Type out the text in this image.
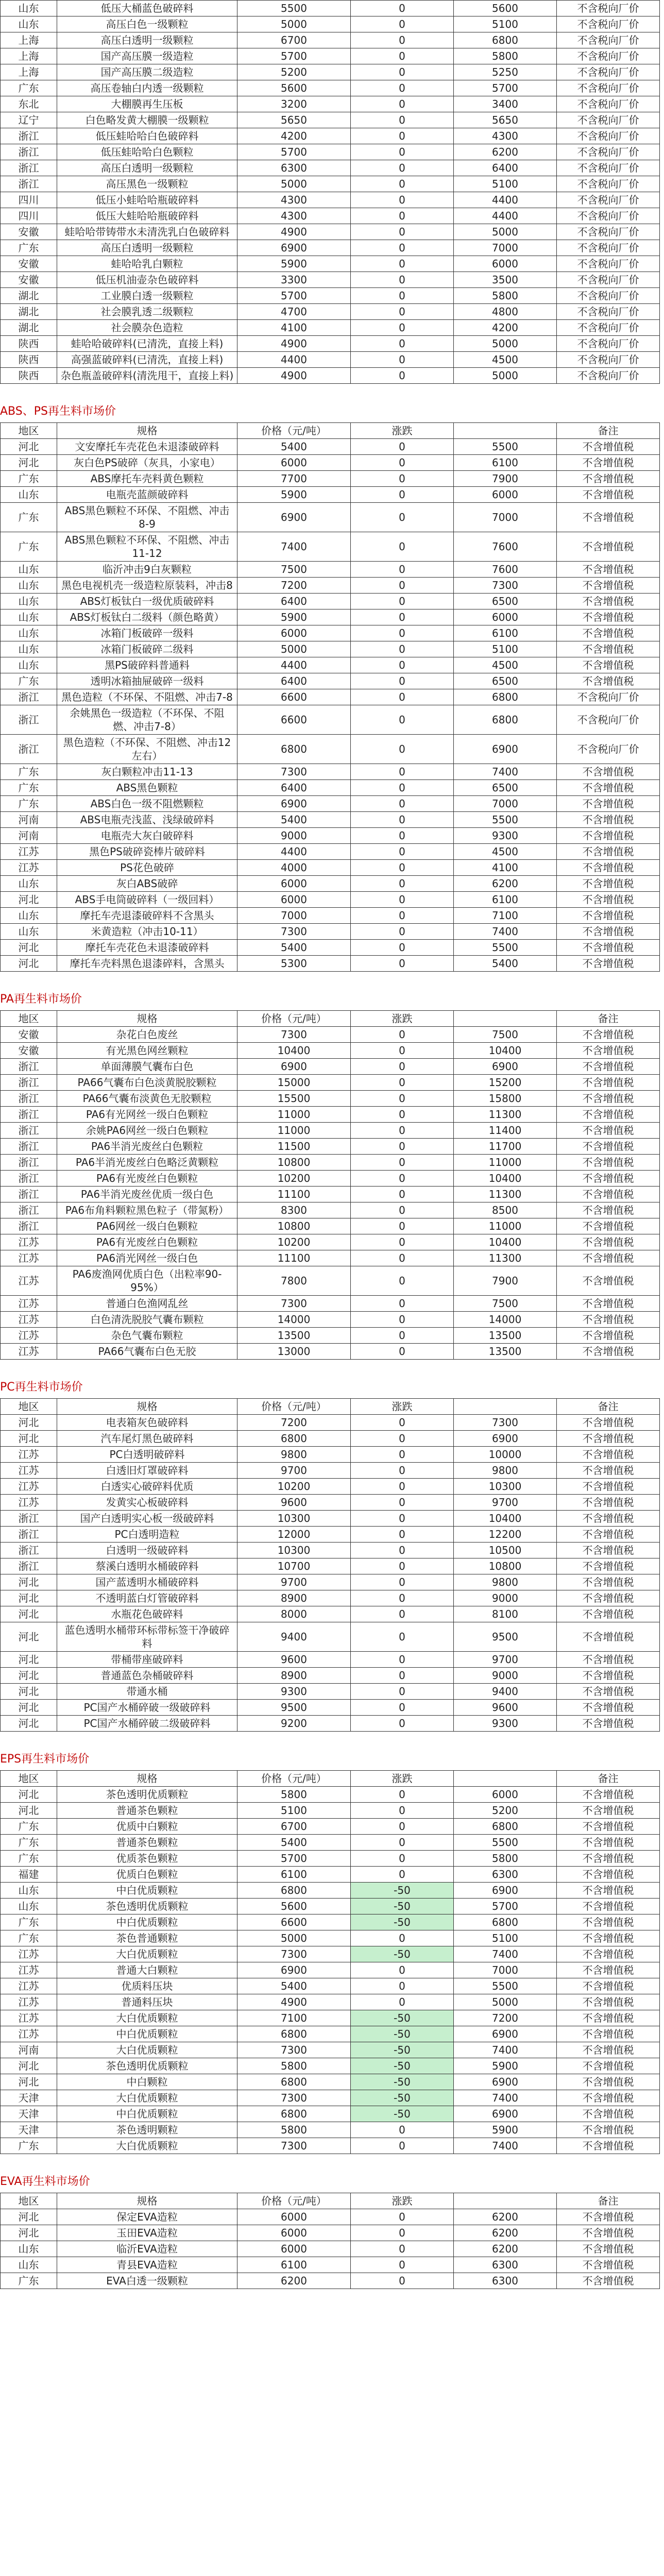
山东	低压大桶蓝色破碎料	5500	0	5600	不含税向厂价
山东	高压白色一级颗粒	5000	0	5100	不含税向厂价
上海	高压白透明一级颗粒	6700	0	6800	不含税向厂价
上海	国产高压膜一级造粒	5700	0	5800	不含税向厂价
上海	国产高压膜二级造粒	5200	0	5250	不含税向厂价
广东	高压卷轴白内透一级颗粒	5600	0	5700	不含税向厂价
东北	大棚膜再生压板	3200	0	3400	不含税向厂价
辽宁	白色略发黄大棚膜一级颗粒	5650	0	5650	不含税向厂价
浙江	低压蛙哈哈白色破碎料	4200	0	4300	不含税向厂价
浙江	低压蛙哈哈白色颗粒	5700	0	6200	不含税向厂价
浙江	高压白透明一级颗粒	6300	0	6400	不含税向厂价
浙江	高压黑色一级颗粒	5000	0	5100	不含税向厂价
四川	低压小蛙哈哈瓶破碎料	4300	0	4400	不含税向厂价
四川	低压大蛙哈哈瓶破碎料	4300	0	4400	不含税向厂价
安徽	蛙哈哈带铸带水未清洗乳白色破碎料	4900	0	5000	不含税向厂价
广东	高压白透明一级颗粒	6900	0	7000	不含税向厂价
安徽	蛙哈哈乳白颗粒	5900	0	6000	不含税向厂价
安徽	低压机油壶杂色破碎料	3300	0	3500	不含税向厂价
湖北	工业膜白透一级颗粒	5700	0	5800	不含税向厂价
湖北	社会膜乳透二级颗粒	4700	0	4800	不含税向厂价
湖北	社会膜杂色造粒	4100	0	4200	不含税向厂价
陕西	蛙哈哈破碎料(已清洗，直接上料)	4900	0	5000	不含税向厂价
陕西	高强蓝破碎料(已清洗，直接上料)	4400	0	4500	不含税向厂价
陕西	杂色瓶盖破碎料(清洗甩干，直接上料)	4900	0	5000	不含税向厂价
ABS、PS再生料市场价
地区	规格	价格（元/吨）	涨跌		备注
河北	文安摩托车壳花色未退漆破碎料	5400	0	5500	不含增值税
河北	灰白色PS破碎（灰具，小家电）	6000	0	6100	不含增值税
广东	ABS摩托车壳料黄色颗粒	7700	0	7900	不含增值税
山东	电瓶壳蓝颜破碎料	5900	0	6000	不含增值税
广东	ABS黑色颗粒不环保、不阻燃、冲击8-9	6900	0	7000	不含增值税
广东	ABS黑色颗粒不环保、不阻燃、冲击11-12	7400	0	7600	不含增值税
山东	临沂冲击9白灰颗粒	7500	0	7600	不含增值税
山东	黑色电视机壳一级造粒原装料，冲击8	7200	0	7300	不含增值税
山东	ABS灯板钛白一级优质破碎料	6400	0	6500	不含增值税
山东	ABS灯板钛白二级料（颜色略黄）	5900	0	6000	不含增值税
山东	冰箱门板破碎一级料	6000	0	6100	不含增值税
山东	冰箱门板破碎二级料	5000	0	5100	不含增值税
山东	黑PS破碎料普通料	4400	0	4500	不含增值税
广东	透明冰箱抽屉破碎一级料	6400	0	6500	不含增值税
浙江	黑色造粒（不环保、不阻燃、冲击7-8	6600	0	6800	不含税向厂价
浙江	余姚黑色一级造粒（不环保、不阻燃、冲击7-8）	6600	0	6800	不含税向厂价
浙江	黑色造粒（不环保、不阻燃、冲击12左右）	6800	0	6900	不含税向厂价
广东	灰白颗粒冲击11-13	7300	0	7400	不含增值税
广东	ABS黑色颗粒	6400	0	6500	不含增值税
广东	ABS白色一级不阻燃颗粒	6900	0	7000	不含增值税
河南	ABS电瓶壳浅蓝、浅绿破碎料	5400	0	5500	不含增值税
河南	电瓶壳大灰白破碎料	9000	0	9300	不含增值税
江苏	黑色PS破碎瓷棒片破碎料	4400	0	4500	不含增值税
江苏	PS花色破碎	4000	0	4100	不含增值税
山东	灰白ABS破碎	6000	0	6200	不含增值税
河北	ABS手电筒破碎料（一级回料）	6000	0	6100	不含增值税
山东	摩托车壳退漆破碎料不含黑头	7000	0	7100	不含增值税
山东	米黄造粒（冲击10-11）	7300	0	7400	不含增值税
河北	摩托车壳花色未退漆破碎料	5400	0	5500	不含增值税
河北	摩托车壳料黑色退漆碎料，含黑头	5300	0	5400	不含增值税
PA再生料市场价
地区	规格	价格（元/吨）	涨跌		备注
安徽	杂花白色废丝	7300	0	7500	不含增值税
安徽	有光黑色网丝颗粒	10400	0	10400	不含增值税
浙江	单面薄膜气囊布白色	6900	0	6900	不含增值税
浙江	PA66气囊布白色淡黄脱胶颗粒	15000	0	15200	不含增值税
浙江	PA66气囊布淡黄色无胶颗粒	15500	0	15800	不含增值税
浙江	PA6有光网丝一级白色颗粒	11000	0	11300	不含增值税
浙江	余姚PA6网丝一级白色颗粒	11000	0	11400	不含增值税
浙江	PA6半消光废丝白色颗粒	11500	0	11700	不含增值税
浙江	PA6半消光废丝白色略泛黄颗粒	10800	0	11000	不含增值税
浙江	PA6有光废丝白色颗粒	10200	0	10400	不含增值税
浙江	PA6半消光废丝优质一级白色	11100	0	11300	不含增值税
浙江	PA6布角料颗粒黑色粒子（带氮粉）	8300	0	8500	不含增值税
浙江	PA6网丝一级白色颗粒	10800	0	11000	不含增值税
江苏	PA6有光废丝白色颗粒	10200	0	10400	不含增值税
江苏	PA6消光网丝一级白色	11100	0	11300	不含增值税
江苏	PA6废渔网优质白色（出粒率90-95%）	7800	0	7900	不含增值税
江苏	普通白色渔网乱丝	7300	0	7500	不含增值税
江苏	白色清洗脱胶气囊布颗粒	14000	0	14000	不含增值税
江苏	杂色气囊布颗粒	13500	0	13500	不含增值税
江苏	PA66气囊布白色无胶	13000	0	13500	不含增值税
PC再生料市场价
地区	规格	价格（元/吨）	涨跌		备注
河北	电表箱灰色破碎料	7200	0	7300	不含增值税
河北	汽车尾灯黑色破碎料	6800	0	6900	不含增值税
江苏	PC白透明破碎料	9800	0	10000	不含增值税
江苏	白透旧灯罩破碎料	9700	0	9800	不含增值税
江苏	白透实心破碎料优质	10200	0	10300	不含增值税
江苏	发黄实心板破碎料	9600	0	9700	不含增值税
浙江	国产白透明实心板一级破碎料	10300	0	10400	不含增值税
浙江	PC白透明造粒	12000	0	12200	不含增值税
浙江	白透明一级破碎料	10300	0	10500	不含增值税
浙江	蔡溪白透明水桶破碎料	10700	0	10800	不含增值税
河北	国产蓝透明水桶破碎料	9700	0	9800	不含增值税
河北	不透明蓝白灯管破碎料	8900	0	9000	不含增值税
河北	水瓶花色破碎料	8000	0	8100	不含增值税
河北	蓝色透明水桶带环标带标签干净破碎料	9400	0	9500	不含增值税
河北	带桶带座破碎料	9600	0	9700	不含增值税
河北	普通蓝色杂桶破碎料	8900	0	9000	不含增值税
河北	带通水桶	9300	0	9400	不含增值税
河北	PC国产水桶碎破一级破碎料	9500	0	9600	不含增值税
河北	PC国产水桶碎破二级破碎料	9200	0	9300	不含增值税
EPS再生料市场价
地区	规格	价格（元/吨）	涨跌		备注
河北	茶色透明优质颗粒	5800	0	6000	不含增值税
河北	普通茶色颗粒	5100	0	5200	不含增值税
广东	优质中白颗粒	6700	0	6800	不含增值税
广东	普通茶色颗粒	5400	0	5500	不含增值税
广东	优质茶色颗粒	5700	0	5800	不含增值税
福建	优质白色颗粒	6100	0	6300	不含增值税
山东	中白优质颗粒	6800	-50	6900	不含增值税
山东	茶色透明优质颗粒	5600	-50	5700	不含增值税
广东	中白优质颗粒	6600	-50	6800	不含增值税
广东	茶色普通颗粒	5000	0	5100	不含增值税
江苏	大白优质颗粒	7300	-50	7400	不含增值税
江苏	普通大白颗粒	6900	0	7000	不含增值税
江苏	优质料压块	5400	0	5500	不含增值税
江苏	普通料压块	4900	0	5000	不含增值税
江苏	大白优质颗粒	7100	-50	7200	不含增值税
江苏	中白优质颗粒	6800	-50	6900	不含增值税
河南	大白优质颗粒	7300	-50	7400	不含增值税
河北	茶色透明优质颗粒	5800	-50	5900	不含增值税
河北	中白颗粒	6800	-50	6900	不含增值税
天津	大白优质颗粒	7300	-50	7400	不含增值税
天津	中白优质颗粒	6800	-50	6900	不含增值税
天津	茶色透明颗粒	5800	0	5900	不含增值税
广东	大白优质颗粒	7300	0	7400	不含增值税
EVA再生料市场价
地区	规格	价格（元/吨）	涨跌		备注
河北	保定EVA造粒	6000	0	6200	不含增值税
河北	玉田EVA造粒	6000	0	6200	不含增值税
山东	临沂EVA造粒	6000	0	6200	不含增值税
山东	青县EVA造粒	6100	0	6300	不含增值税
广东	EVA白透一级颗粒	6200	0	6300	不含增值税
